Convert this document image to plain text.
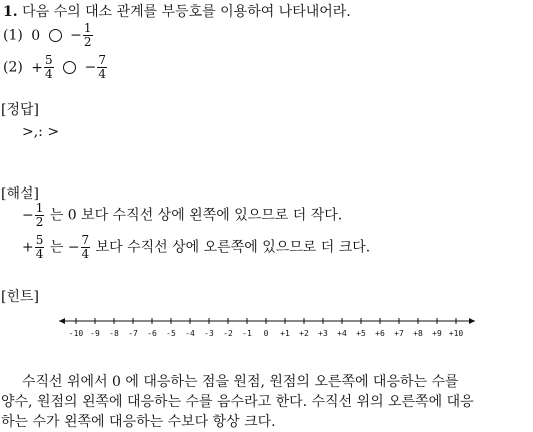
1. 다음 수의 대소 관계를 부등호를 이용하여 나타내어라.
(1) $0 - \frac{1}{2}$
$(2) + \frac{5}{4} - \frac{7}{4}$
[정답]
>,: >
[해설]
− $\frac{1}{2}$ 는 0 보다 수직선 상에 왼쪽에 있으므로 더 작다.
+ $\frac{5}{4}$ 는 − $\frac{7}{4}$ 보다 수직선 상에 오른쪽에 있으므로 더 크다.
[힌트]
-10 -9 -8 -7 -6 -5 -4 -3 -2 -1 0 +1 +2 +3 +4 +5 +6 +7 +8 +9 +10
수직선 위에서 0 에 대응하는 점을 원점, 원점의 오른쪽에 대응하는 수를
양수, 원점의 왼쪽에 대응하는 수를 음수라고 한다. 수직선 위의 오른쪽에 대응
하는 수가 왼쪽에 대응하는 수보다 항상 크다.
